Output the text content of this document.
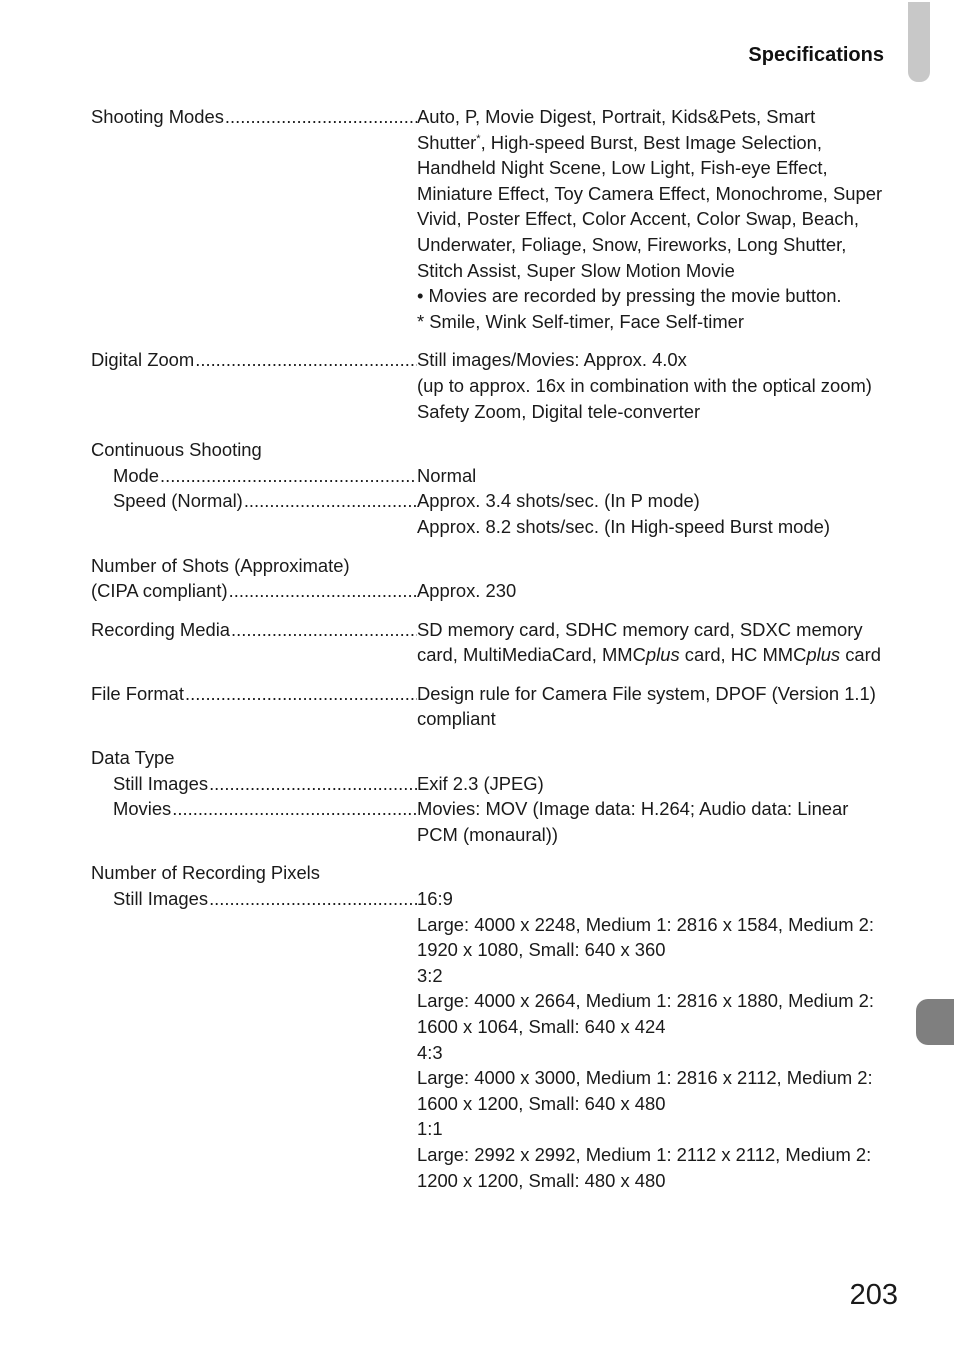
Specifications
Shooting Modes .....	Auto, P, Movie Digest, Portrait, Kids&Pets, Smart
Shutter*, High-speed Burst, Best Image Selection,
Handheld Night Scene, Low Light, Fish-eye Effect,
Miniature Effect, Toy Camera Effect, Monochrome, Super
Vivid, Poster Effect, Color Accent, Color Swap, Beach,
Underwater, Foliage, Snow, Fireworks, Long Shutter,
Stitch Assist, Super Slow Motion Movie
• Movies are recorded by pressing the movie button.
* Smile, Wink Self-timer, Face Self-timer
Digital Zoom .....	Still images/Movies: Approx. 4.0x
(up to approx. 16x in combination with the optical zoom)
Safety Zoom, Digital tele-converter
Continuous Shooting
Mode .....	Normal
Speed (Normal) .....	Approx. 3.4 shots/sec. (In P mode)
Approx. 8.2 shots/sec. (In High-speed Burst mode)
Number of Shots (Approximate)
(CIPA compliant) .....	Approx. 230
Recording Media .....	SD memory card, SDHC memory card, SDXC memory
card, MultiMediaCard, MMCplus card, HC MMCplus card
File Format .....	Design rule for Camera File system, DPOF (Version 1.1)
compliant
Data Type
Still Images .....	Exif 2.3 (JPEG)
Movies .....	Movies: MOV (Image data: H.264; Audio data: Linear
PCM (monaural))
Number of Recording Pixels
Still Images .....	16:9
Large: 4000 x 2248, Medium 1: 2816 x 1584, Medium 2:
1920 x 1080, Small: 640 x 360
3:2
Large: 4000 x 2664, Medium 1: 2816 x 1880, Medium 2:
1600 x 1064, Small: 640 x 424
4:3
Large: 4000 x 3000, Medium 1: 2816 x 2112, Medium 2:
1600 x 1200, Small: 640 x 480
1:1
Large: 2992 x 2992, Medium 1: 2112 x 2112, Medium 2:
1200 x 1200, Small: 480 x 480
203
